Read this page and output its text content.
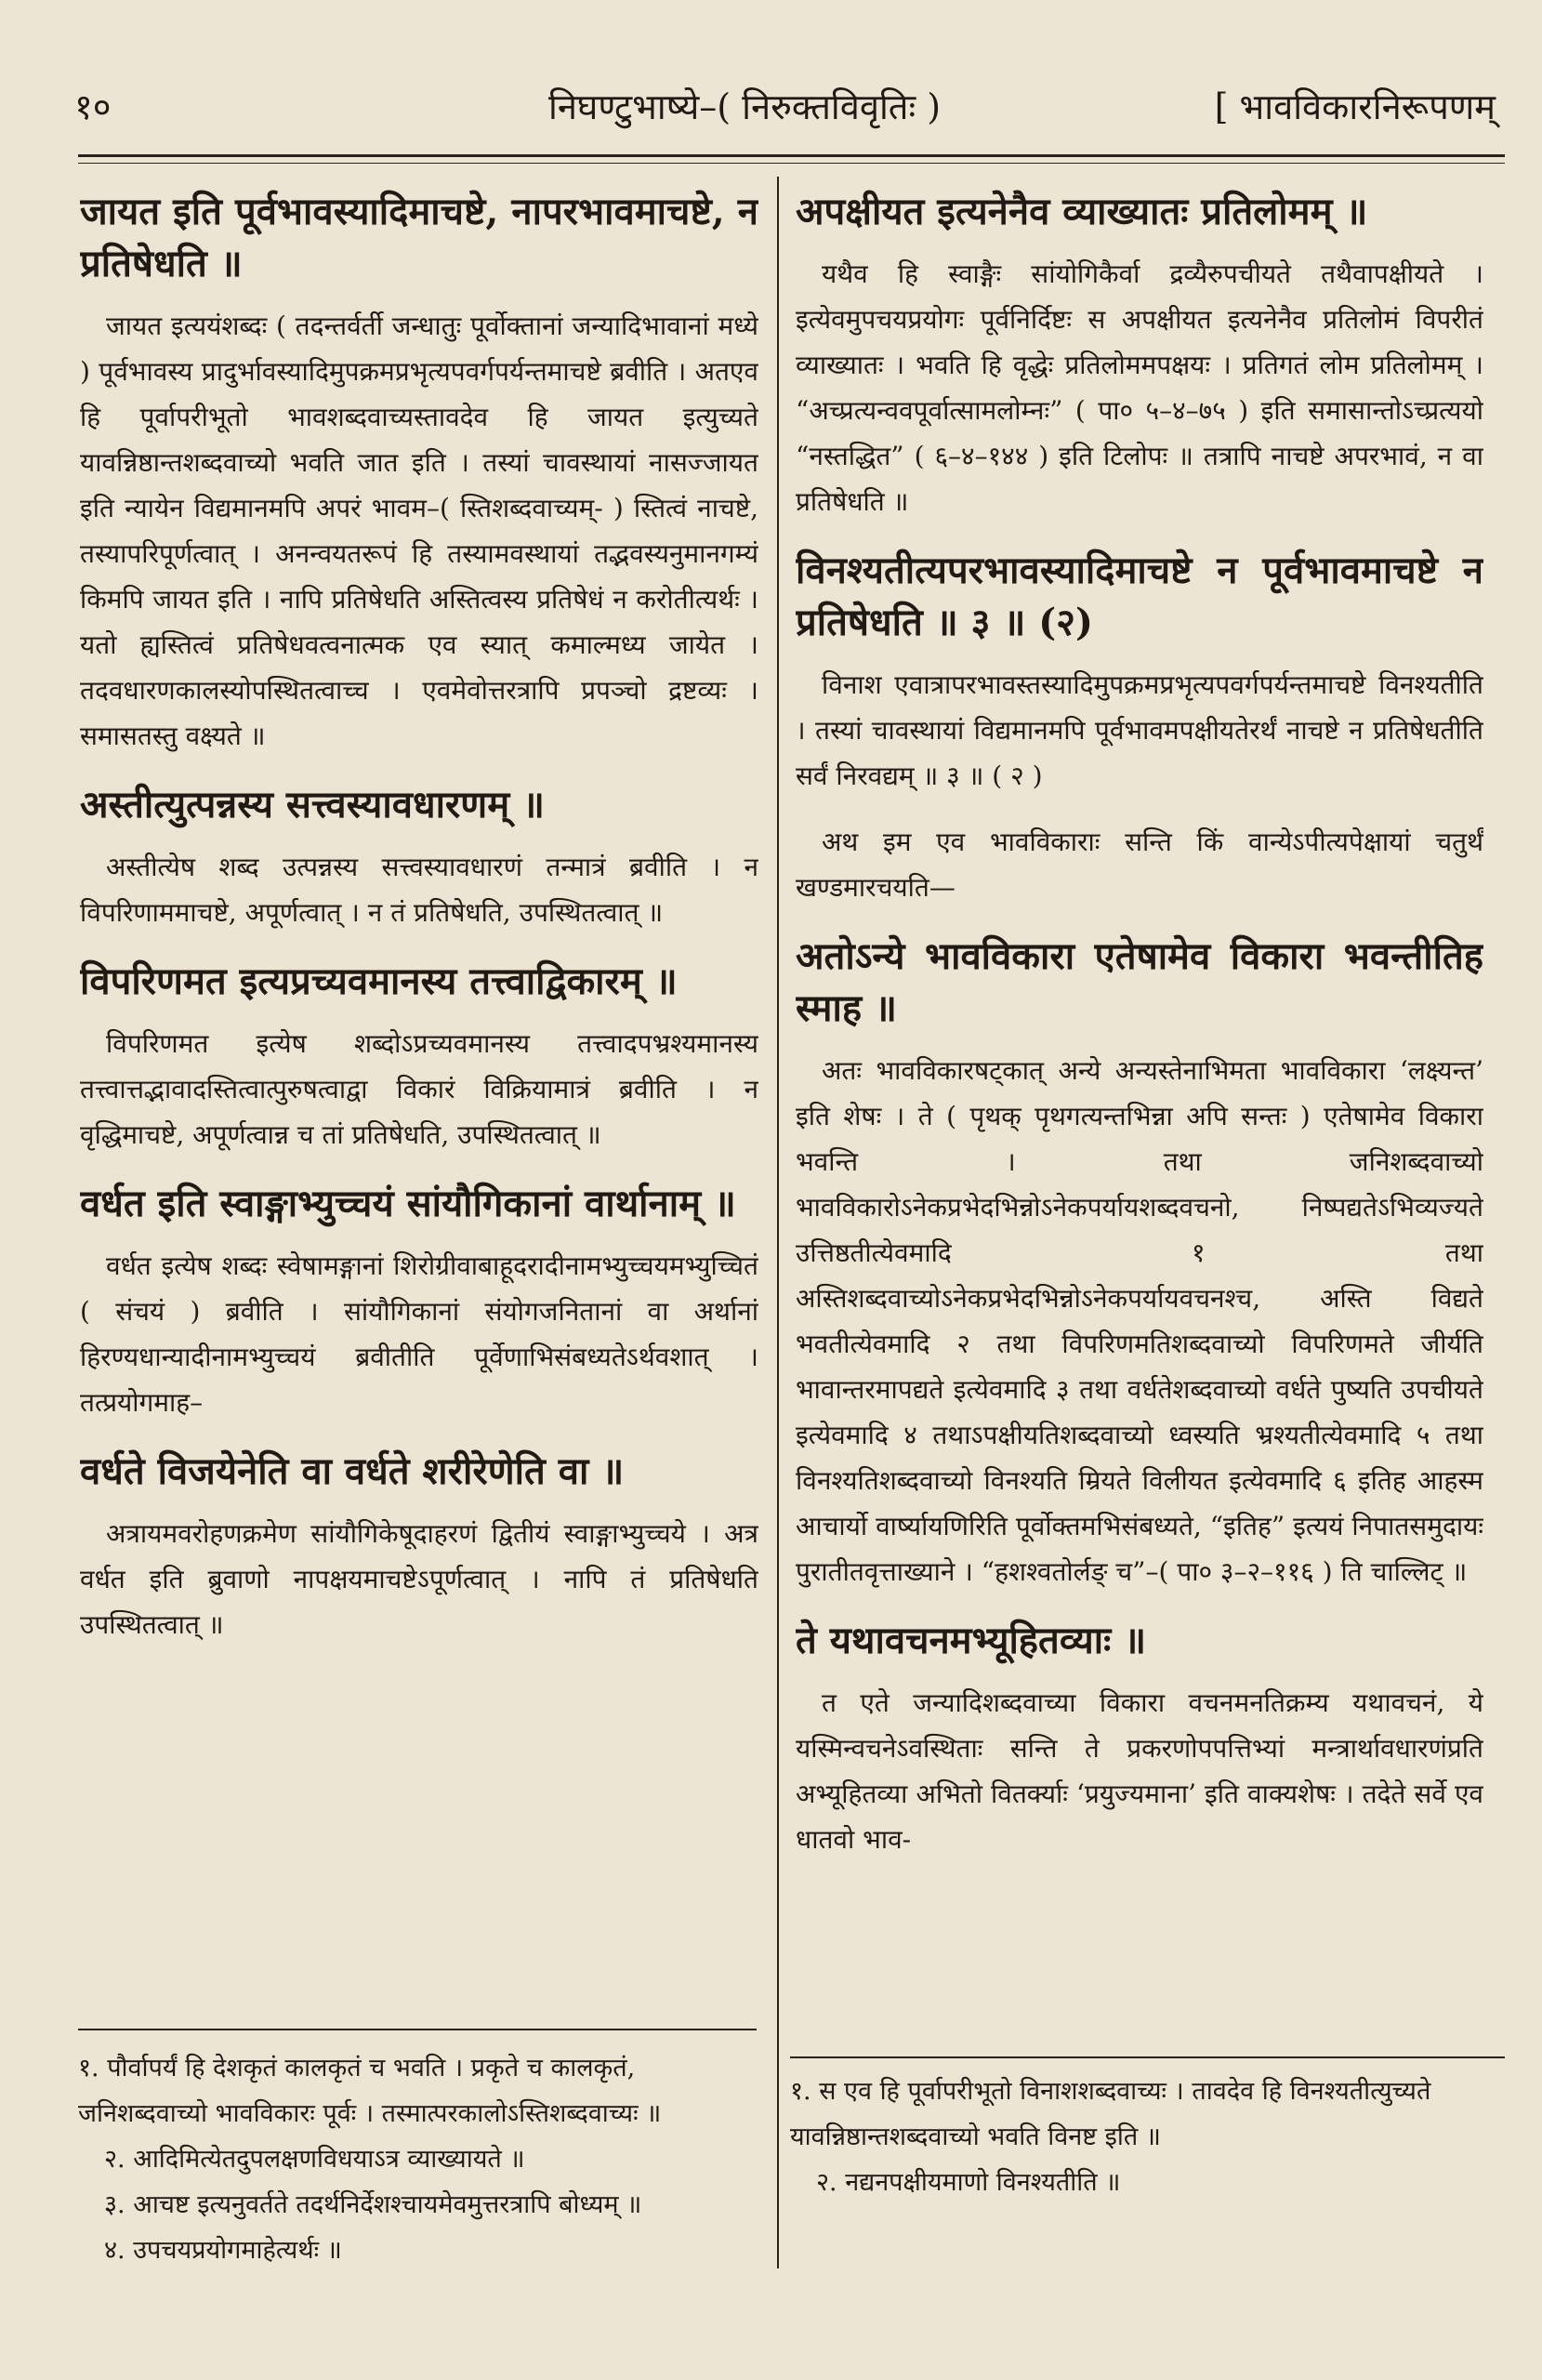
१०	निघण्टुभाष्ये–( निरुक्तविवृतिः )	[ भावविकारनिरूपणम्

जायत इति पूर्वभावस्यादिमाचष्टे, नापरभावमाचष्टे, न प्रतिषेधति ॥

जायत इत्ययंशब्दः ( तदन्तर्वर्ती जन्धातुः पूर्वोक्तानां जन्यादिभावानां मध्ये ) पूर्वभावस्य प्रादुर्भावस्यादिमुपक्रमप्रभृत्यपवर्गपर्यन्तमाचष्टे ब्रवीति । अतएव हि पूर्वापरीभूतो भावशब्दवाच्यस्तावदेव हि जायत इत्युच्यते यावन्निष्ठान्तशब्दवाच्यो भवति जात इति । तस्यां चावस्थायां नासज्जायत इति न्यायेन विद्यमानमपि अपरं भावम–( स्तिशब्दवाच्यम्- ) स्तित्वं नाचष्टे, तस्यापरिपूर्णत्वात् । अनन्वयतरूपं हि तस्यामवस्थायां तद्भवस्यनुमानगम्यं किमपि जायत इति । नापि प्रतिषेधति अस्तित्वस्य प्रतिषेधं न करोतीत्यर्थः । यतो ह्यस्तित्वं प्रतिषेधवत्वनात्मक एव स्यात् कमाल्मध्य जायेत । तदवधारणकालस्योपस्थितत्वाच्च । एवमेवोत्तरत्रापि प्रपञ्चो द्रष्टव्यः । समासतस्तु वक्ष्यते ॥

अस्तीत्युत्पन्नस्य सत्त्वस्यावधारणम् ॥

अस्तीत्येष शब्द उत्पन्नस्य सत्त्वस्यावधारणं तन्मात्रं ब्रवीति । न विपरिणाममाचष्टे, अपूर्णत्वात् । न तं प्रतिषेधति, उपस्थितत्वात् ॥

विपरिणमत इत्यप्रच्यवमानस्य तत्त्वाद्विकारम् ॥

विपरिणमत इत्येष शब्दोऽप्रच्यवमानस्य तत्त्वादपभ्रश्यमानस्य तत्त्वात्तद्भावादस्तित्वात्पुरुषत्वाद्वा विकारं विक्रियामात्रं ब्रवीति । न वृद्धिमाचष्टे, अपूर्णत्वान्न च तां प्रतिषेधति, उपस्थितत्वात् ॥

वर्धत इति स्वाङ्गाभ्युच्चयं सांयौगिकानां वार्थानाम् ॥

वर्धत इत्येष शब्दः स्वेषामङ्गानां शिरोग्रीवाबाहूदरादीनामभ्युच्चयमभ्युच्चितं ( संचयं ) ब्रवीति । सांयौगिकानां संयोगजनितानां वा अर्थानां हिरण्यधान्यादीनामभ्युच्चयं ब्रवीतीति पूर्वेणाभिसंबध्यतेऽर्थवशात् । तत्प्रयोगमाह–

वर्धते विजयेनेति वा वर्धते शरीरेणेति वा ॥

अत्रायमवरोहणक्रमेण सांयौगिकेषूदाहरणं द्वितीयं स्वाङ्गाभ्युच्चये । अत्र वर्धत इति ब्रुवाणो नापक्षयमाचष्टेऽपूर्णत्वात् । नापि तं प्रतिषेधति उपस्थितत्वात् ॥

अपक्षीयत इत्यनेनैव व्याख्यातः प्रतिलोमम् ॥

यथैव हि स्वाङ्गैः सांयोगिकैर्वा द्रव्यैरुपचीयते तथैवापक्षीयते । इत्येवमुपचयप्रयोगः पूर्वनिर्दिष्टः स अपक्षीयत इत्यनेनैव प्रतिलोमं विपरीतं व्याख्यातः । भवति हि वृद्धेः प्रतिलोममपक्षयः । प्रतिगतं लोम प्रतिलोमम् । “अच्प्रत्यन्ववपूर्वात्सामलोम्नः” ( पा० ५–४–७५ ) इति समासान्तोऽच्प्रत्ययो “नस्तद्धित” ( ६–४–१४४ ) इति टिलोपः ॥ तत्रापि नाचष्टे अपरभावं, न वा प्रतिषेधति ॥

विनश्यतीत्यपरभावस्यादिमाचष्टे न पूर्वभावमाचष्टे न प्रतिषेधति ॥ ३ ॥ (२)

विनाश एवात्रापरभावस्तस्यादिमुपक्रमप्रभृत्यपवर्गपर्यन्तमाचष्टे विनश्यतीति । तस्यां चावस्थायां विद्यमानमपि पूर्वभावमपक्षीयतेरर्थं नाचष्टे न प्रतिषेधतीति सर्वं निरवद्यम् ॥ ३ ॥ ( २ )

अथ इम एव भावविकाराः सन्ति किं वान्येऽपीत्यपेक्षायां चतुर्थं खण्डमारचयति—

अतोऽन्ये भावविकारा एतेषामेव विकारा भवन्तीतिह स्माह ॥

अतः भावविकारषट्कात् अन्ये अन्यस्तेनाभिमता भावविकारा ‘लक्ष्यन्त’ इति शेषः । ते ( पृथक् पृथगत्यन्तभिन्ना अपि सन्तः ) एतेषामेव विकारा भवन्ति । तथा जनिशब्दवाच्यो भावविकारोऽनेकप्रभेदभिन्नोऽनेकपर्यायशब्दवचनो, निष्पद्यतेऽभिव्यज्यते उत्तिष्ठतीत्येवमादि १ तथा अस्तिशब्दवाच्योऽनेकप्रभेदभिन्नोऽनेकपर्यायवचनश्च, अस्ति विद्यते भवतीत्येवमादि २ तथा विपरिणमतिशब्दवाच्यो विपरिणमते जीर्यति भावान्तरमापद्यते इत्येवमादि ३ तथा वर्धतेशब्दवाच्यो वर्धते पुष्यति उपचीयते इत्येवमादि ४ तथाऽपक्षीयतिशब्दवाच्यो ध्वस्यति भ्रश्यतीत्येवमादि ५ तथा विनश्यतिशब्दवाच्यो विनश्यति म्रियते विलीयत इत्येवमादि ६ इतिह आहस्म आचार्यो वार्ष्यायणिरिति पूर्वोक्तमभिसंबध्यते, “इतिह” इत्ययं निपातसमुदायः पुरातीतवृत्ताख्याने । “हशश्वतोर्लङ् च”–( पा० ३–२–११६ ) ति चाल्लिट् ॥

ते यथावचनमभ्यूहितव्याः ॥

त एते जन्यादिशब्दवाच्या विकारा वचनमनतिक्रम्य यथावचनं, ये यस्मिन्वचनेऽवस्थिताः सन्ति ते प्रकरणोपपत्तिभ्यां मन्त्रार्थावधारणंप्रति अभ्यूहितव्या अभितो वितर्क्याः ‘प्रयुज्यमाना’ इति वाक्यशेषः । तदेते सर्वे एव धातवो भाव-

१. पौर्वापर्यं हि देशकृतं कालकृतं च भवति । प्रकृते च कालकृतं, जनिशब्दवाच्यो भावविकारः पूर्वः । तस्मात्परकालोऽस्तिशब्दवाच्यः ॥

२. आदिमित्येतदुपलक्षणविधयाऽत्र व्याख्यायते ॥

३. आचष्ट इत्यनुवर्तते तदर्थनिर्देशश्चायमेवमुत्तरत्रापि बोध्यम् ॥

४. उपचयप्रयोगमाहेत्यर्थः ॥

१. स एव हि पूर्वापरीभूतो विनाशशब्दवाच्यः । तावदेव हि विनश्यतीत्युच्यते यावन्निष्ठान्तशब्दवाच्यो भवति विनष्ट इति ॥

२. नद्यनपक्षीयमाणो विनश्यतीति ॥
